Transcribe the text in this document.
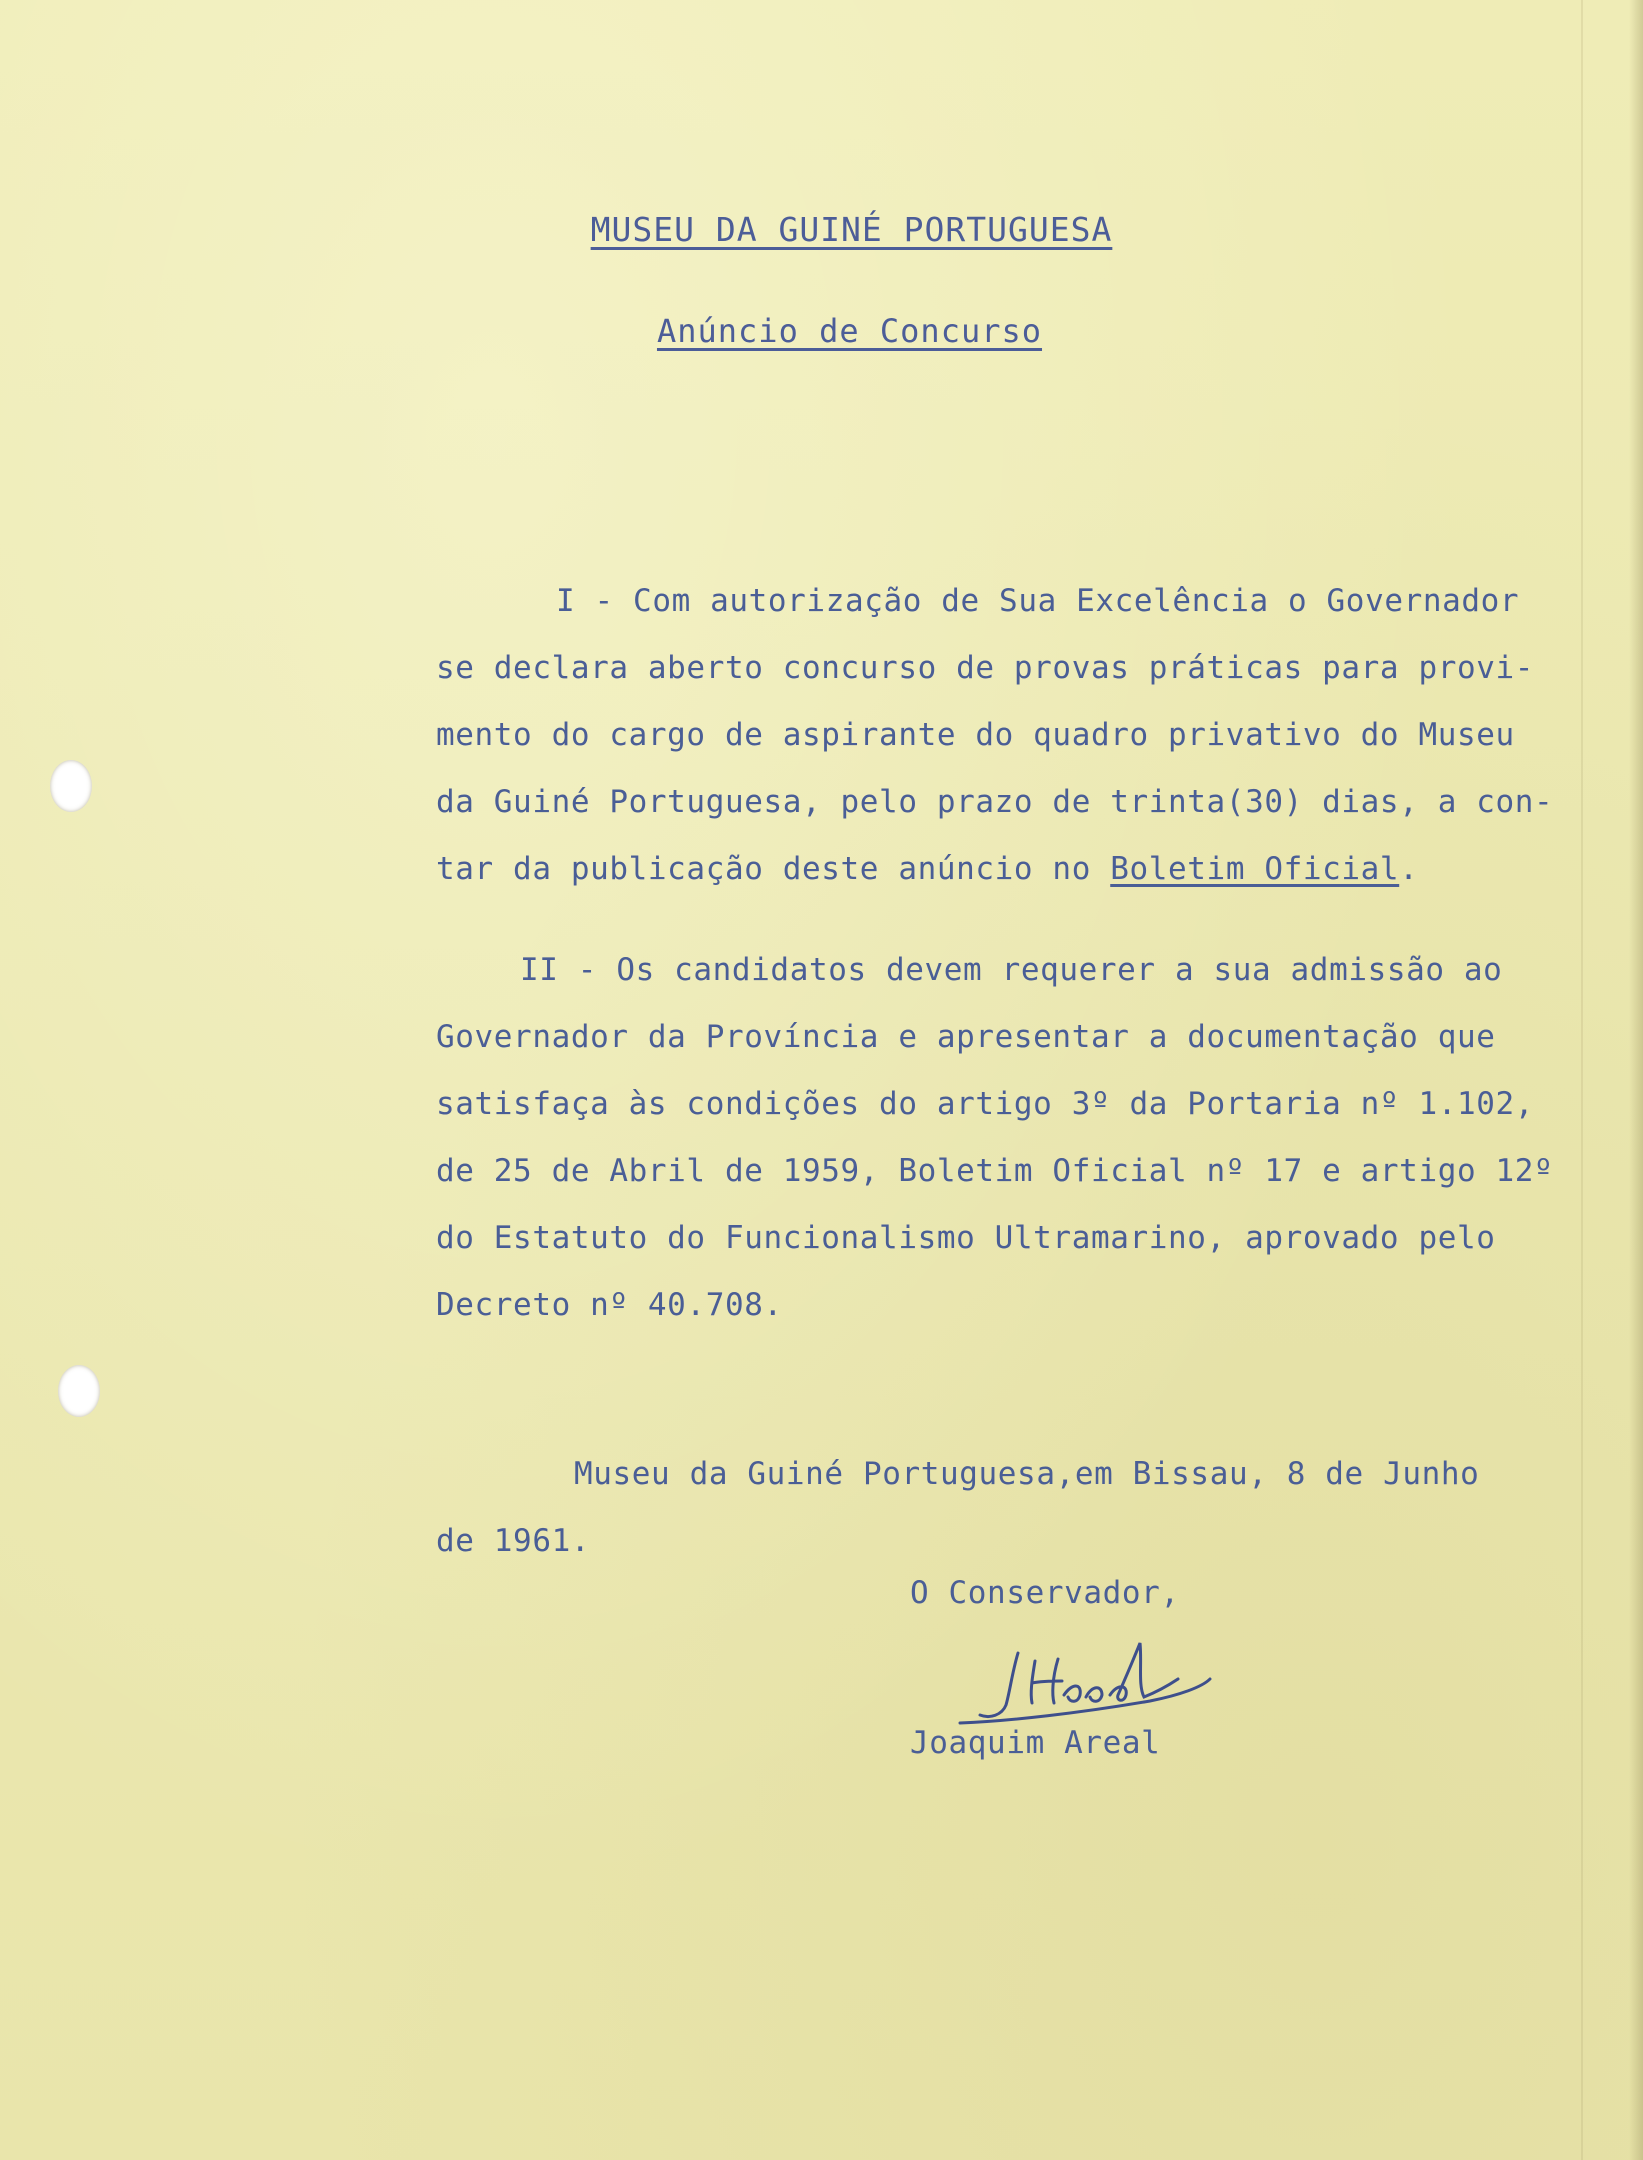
MUSEU DA GUINÉ PORTUGUESA
Anúncio de Concurso
I - Com autorização de Sua Excelência o Governador
se declara aberto concurso de provas práticas para provi-
mento do cargo de aspirante do quadro privativo do Museu
da Guiné Portuguesa, pelo prazo de trinta(30) dias, a con-
tar da publicação deste anúncio no Boletim Oficial.
II - Os candidatos devem requerer a sua admissão ao
Governador da Província e apresentar a documentação que
satisfaça às condições do artigo 3º da Portaria nº 1.102,
de 25 de Abril de 1959, Boletim Oficial nº 17 e artigo 12º
do Estatuto do Funcionalismo Ultramarino, aprovado pelo
Decreto nº 40.708.
Museu da Guiné Portuguesa,em Bissau, 8 de Junho
de 1961.
O Conservador,
Joaquim Areal
